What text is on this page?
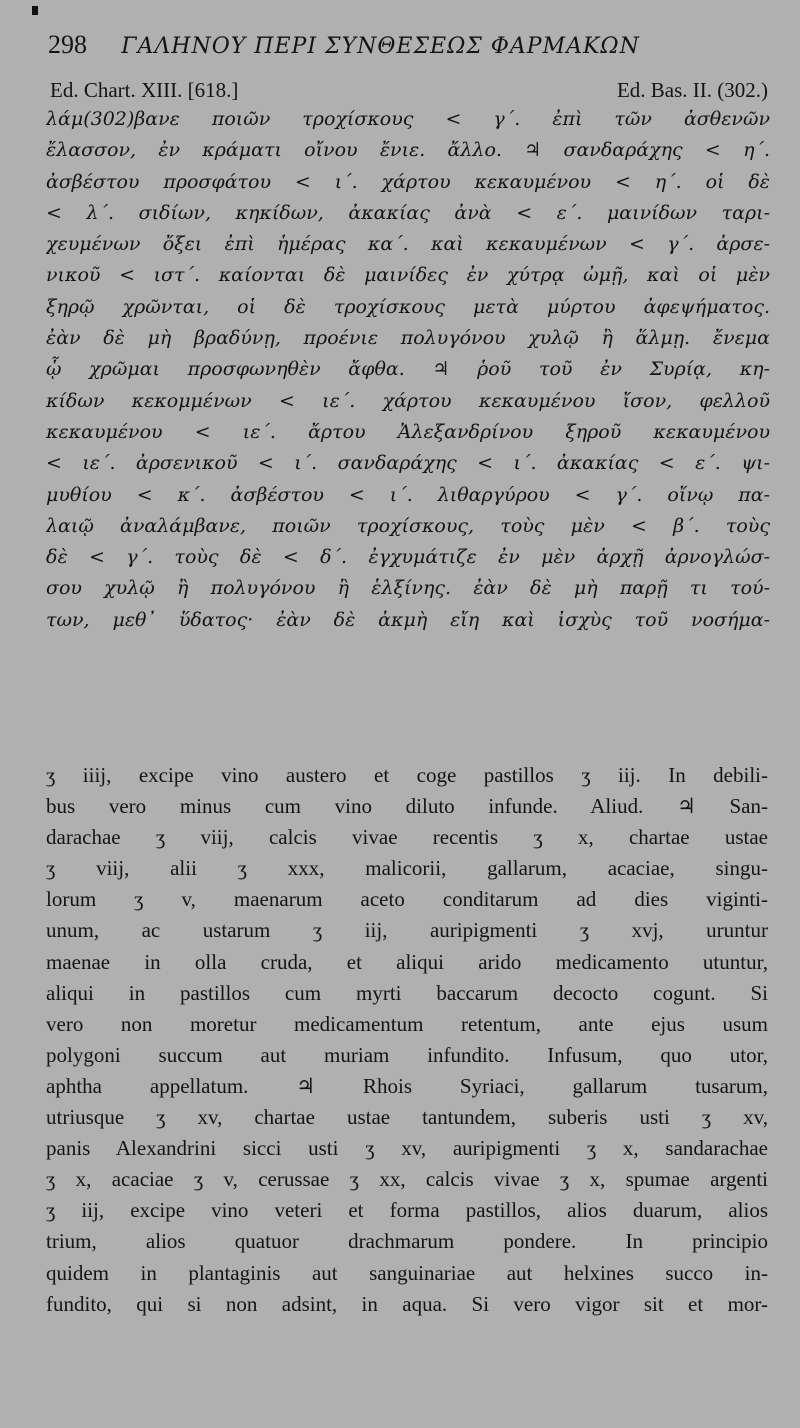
298 ΓΑΛΗΝΟΥ ΠΕΡΙ ΣΥΝΘΕΣΕΩΣ ΦΑΡΜΑΚΩΝ
Ed. Chart. XIII. [618.]	Ed. Bas. II. (302.)
λάμ(302)βανε ποιῶν τροχίσκους < γ΄. ἐπὶ τῶν ἀσθενῶν
ἔλασσον, ἐν κράματι οἴνου ἔνιε. ἄλλο. ♃ σανδαράχης < η΄.
ἀσβέστου προσφάτου < ι΄. χάρτου κεκαυμένου < η΄. οἱ δὲ
< λ΄. σιδίων, κηκίδων, ἀκακίας ἀνὰ < ε΄. μαινίδων ταρι-
χευμένων ὄξει ἐπὶ ἡμέρας κα΄. καὶ κεκαυμένων < γ΄. ἀρσε-
νικοῦ < ιστ΄. καίονται δὲ μαινίδες ἐν χύτρᾳ ὠμῇ, καὶ οἱ μὲν
ξηρῷ χρῶνται, οἱ δὲ τροχίσκους μετὰ μύρτου ἀφεψήματος.
ἐὰν δὲ μὴ βραδύνῃ, προένιε πολυγόνου χυλῷ ἢ ἅλμῃ. ἔνεμα
ᾧ χρῶμαι προσφωνηθὲν ἄφθα. ♃ ῥοῦ τοῦ ἐν Συρίᾳ, κη-
κίδων κεκομμένων < ιε΄. χάρτου κεκαυμένου ἴσον, φελλοῦ
κεκαυμένου < ιε΄. ἄρτου Ἀλεξανδρίνου ξηροῦ κεκαυμένου
< ιε΄. ἀρσενικοῦ < ι΄. σανδαράχης < ι΄. ἀκακίας < ε΄. ψι-
μυθίου < κ΄. ἀσβέστου < ι΄. λιθαργύρου < γ΄. οἴνῳ πα-
λαιῷ ἀναλάμβανε, ποιῶν τροχίσκους, τοὺς μὲν < β΄. τοὺς
δὲ < γ΄. τοὺς δὲ < δ΄. ἐγχυμάτιζε ἐν μὲν ἀρχῇ ἀρνογλώσ-
σου χυλῷ ἢ πολυγόνου ἢ ἑλξίνης. ἐὰν δὲ μὴ παρῇ τι τού-
των, μεθ᾽ ὕδατος· ἐὰν δὲ ἀκμὴ εἴη καὶ ἰσχὺς τοῦ νοσήμα-
ʒ iiij, excipe vino austero et coge pastillos ʒ iij. In debili-
bus vero minus cum vino diluto infunde. Aliud. ♃ San-
darachae ʒ viij, calcis vivae recentis ʒ x, chartae ustae
ʒ viij, alii ʒ xxx, malicorii, gallarum, acaciae, singu-
lorum ʒ v, maenarum aceto conditarum ad dies viginti-
unum, ac ustarum ʒ iij, auripigmenti ʒ xvj, uruntur
maenae in olla cruda, et aliqui arido medicamento utuntur,
aliqui in pastillos cum myrti baccarum decocto cogunt. Si
vero non moretur medicamentum retentum, ante ejus usum
polygoni succum aut muriam infundito. Infusum, quo utor,
aphtha appellatum. ♃ Rhois Syriaci, gallarum tusarum,
utriusque ʒ xv, chartae ustae tantundem, suberis usti ʒ xv,
panis Alexandrini sicci usti ʒ xv, auripigmenti ʒ x, sandarachae
ʒ x, acaciae ʒ v, cerussae ʒ xx, calcis vivae ʒ x, spumae argenti
ʒ iij, excipe vino veteri et forma pastillos, alios duarum, alios
trium, alios quatuor drachmarum pondere. In principio
quidem in plantaginis aut sanguinariae aut helxines succo in-
fundito, qui si non adsint, in aqua. Si vero vigor sit et mor-
